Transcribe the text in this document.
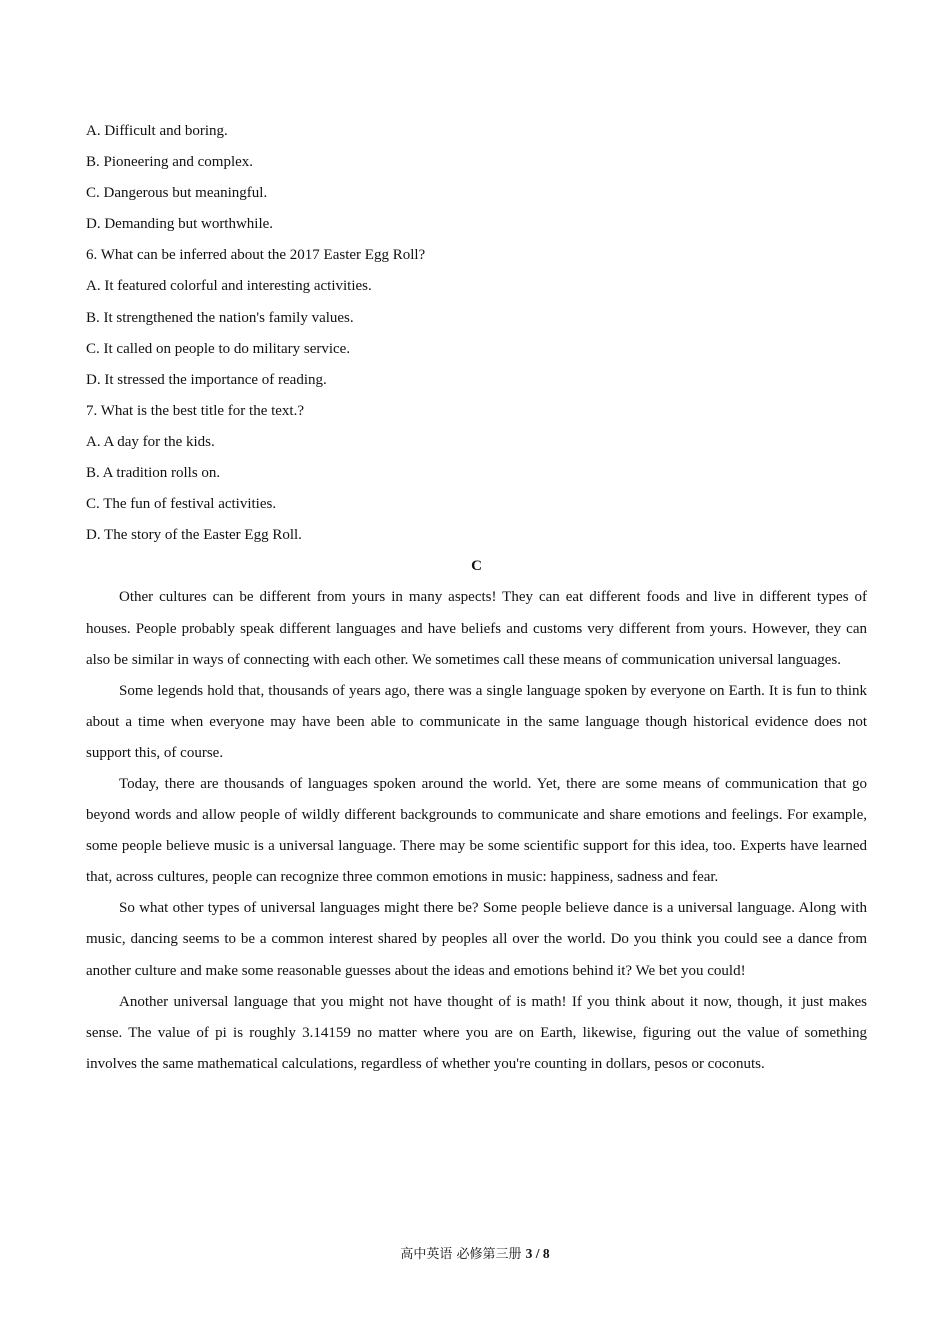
A. Difficult and boring.

B. Pioneering and complex.

C. Dangerous but meaningful.

D. Demanding but worthwhile.

6. What can be inferred about the 2017 Easter Egg Roll?

A. It featured colorful and interesting activities.

B. It strengthened the nation's family values.

C. It called on people to do military service.

D. It stressed the importance of reading.

7. What is the best title for the text.?

A. A day for the kids.

B. A tradition rolls on.

C. The fun of festival activities.

D. The story of the Easter Egg Roll.

C

Other cultures can be different from yours in many aspects! They can eat different foods and live in different types of houses. People probably speak different languages and have beliefs and customs very different from yours. However, they can also be similar in ways of connecting with each other. We sometimes call these means of communication universal languages.

Some legends hold that, thousands of years ago, there was a single language spoken by everyone on Earth. It is fun to think about a time when everyone may have been able to communicate in the same language though historical evidence does not support this, of course.

Today, there are thousands of languages spoken around the world. Yet, there are some means of communication that go beyond words and allow people of wildly different backgrounds to communicate and share emotions and feelings. For example, some people believe music is a universal language. There may be some scientific support for this idea, too. Experts have learned that, across cultures, people can recognize three common emotions in music: happiness, sadness and fear.

So what other types of universal languages might there be? Some people believe dance is a universal language. Along with music, dancing seems to be a common interest shared by peoples all over the world. Do you think you could see a dance from another culture and make some reasonable guesses about the ideas and emotions behind it? We bet you could!

Another universal language that you might not have thought of is math! If you think about it now, though, it just makes sense. The value of pi is roughly 3.14159 no matter where you are on Earth, likewise, figuring out the value of something involves the same mathematical calculations, regardless of whether you're counting in dollars, pesos or coconuts.

高中英语 必修第三册 3 / 8
